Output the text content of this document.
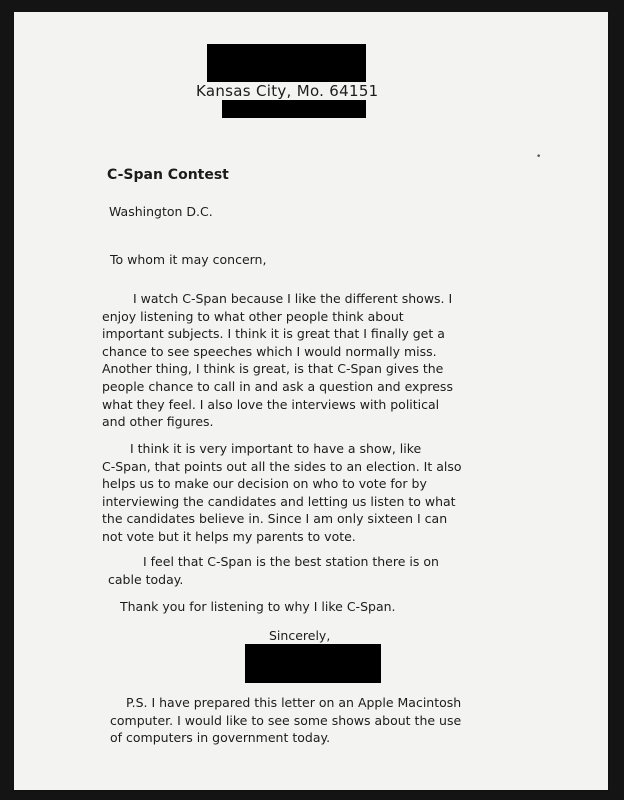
Kansas City, Mo. 64151
•
C-Span Contest
Washington D.C.
To whom it may concern,
I watch C-Span because I like the different shows. I
enjoy listening to what other people think about
important subjects. I think it is great that I finally get a
chance to see speeches which I would normally miss.
Another thing, I think is great, is that C-Span gives the
people chance to call in and ask a question and express
what they feel. I also love the interviews with political
and other figures.
I think it is very important to have a show, like
C-Span, that points out all the sides to an election. It also
helps us to make our decision on who to vote for by
interviewing the candidates and letting us listen to what
the candidates believe in. Since I am only sixteen I can
not vote but it helps my parents to vote.
I feel that C-Span is the best station there is on
cable today.
Thank you for listening to why I like C-Span.
Sincerely,
P.S. I have prepared this letter on an Apple Macintosh
computer. I would like to see some shows about the use
of computers in government today.
